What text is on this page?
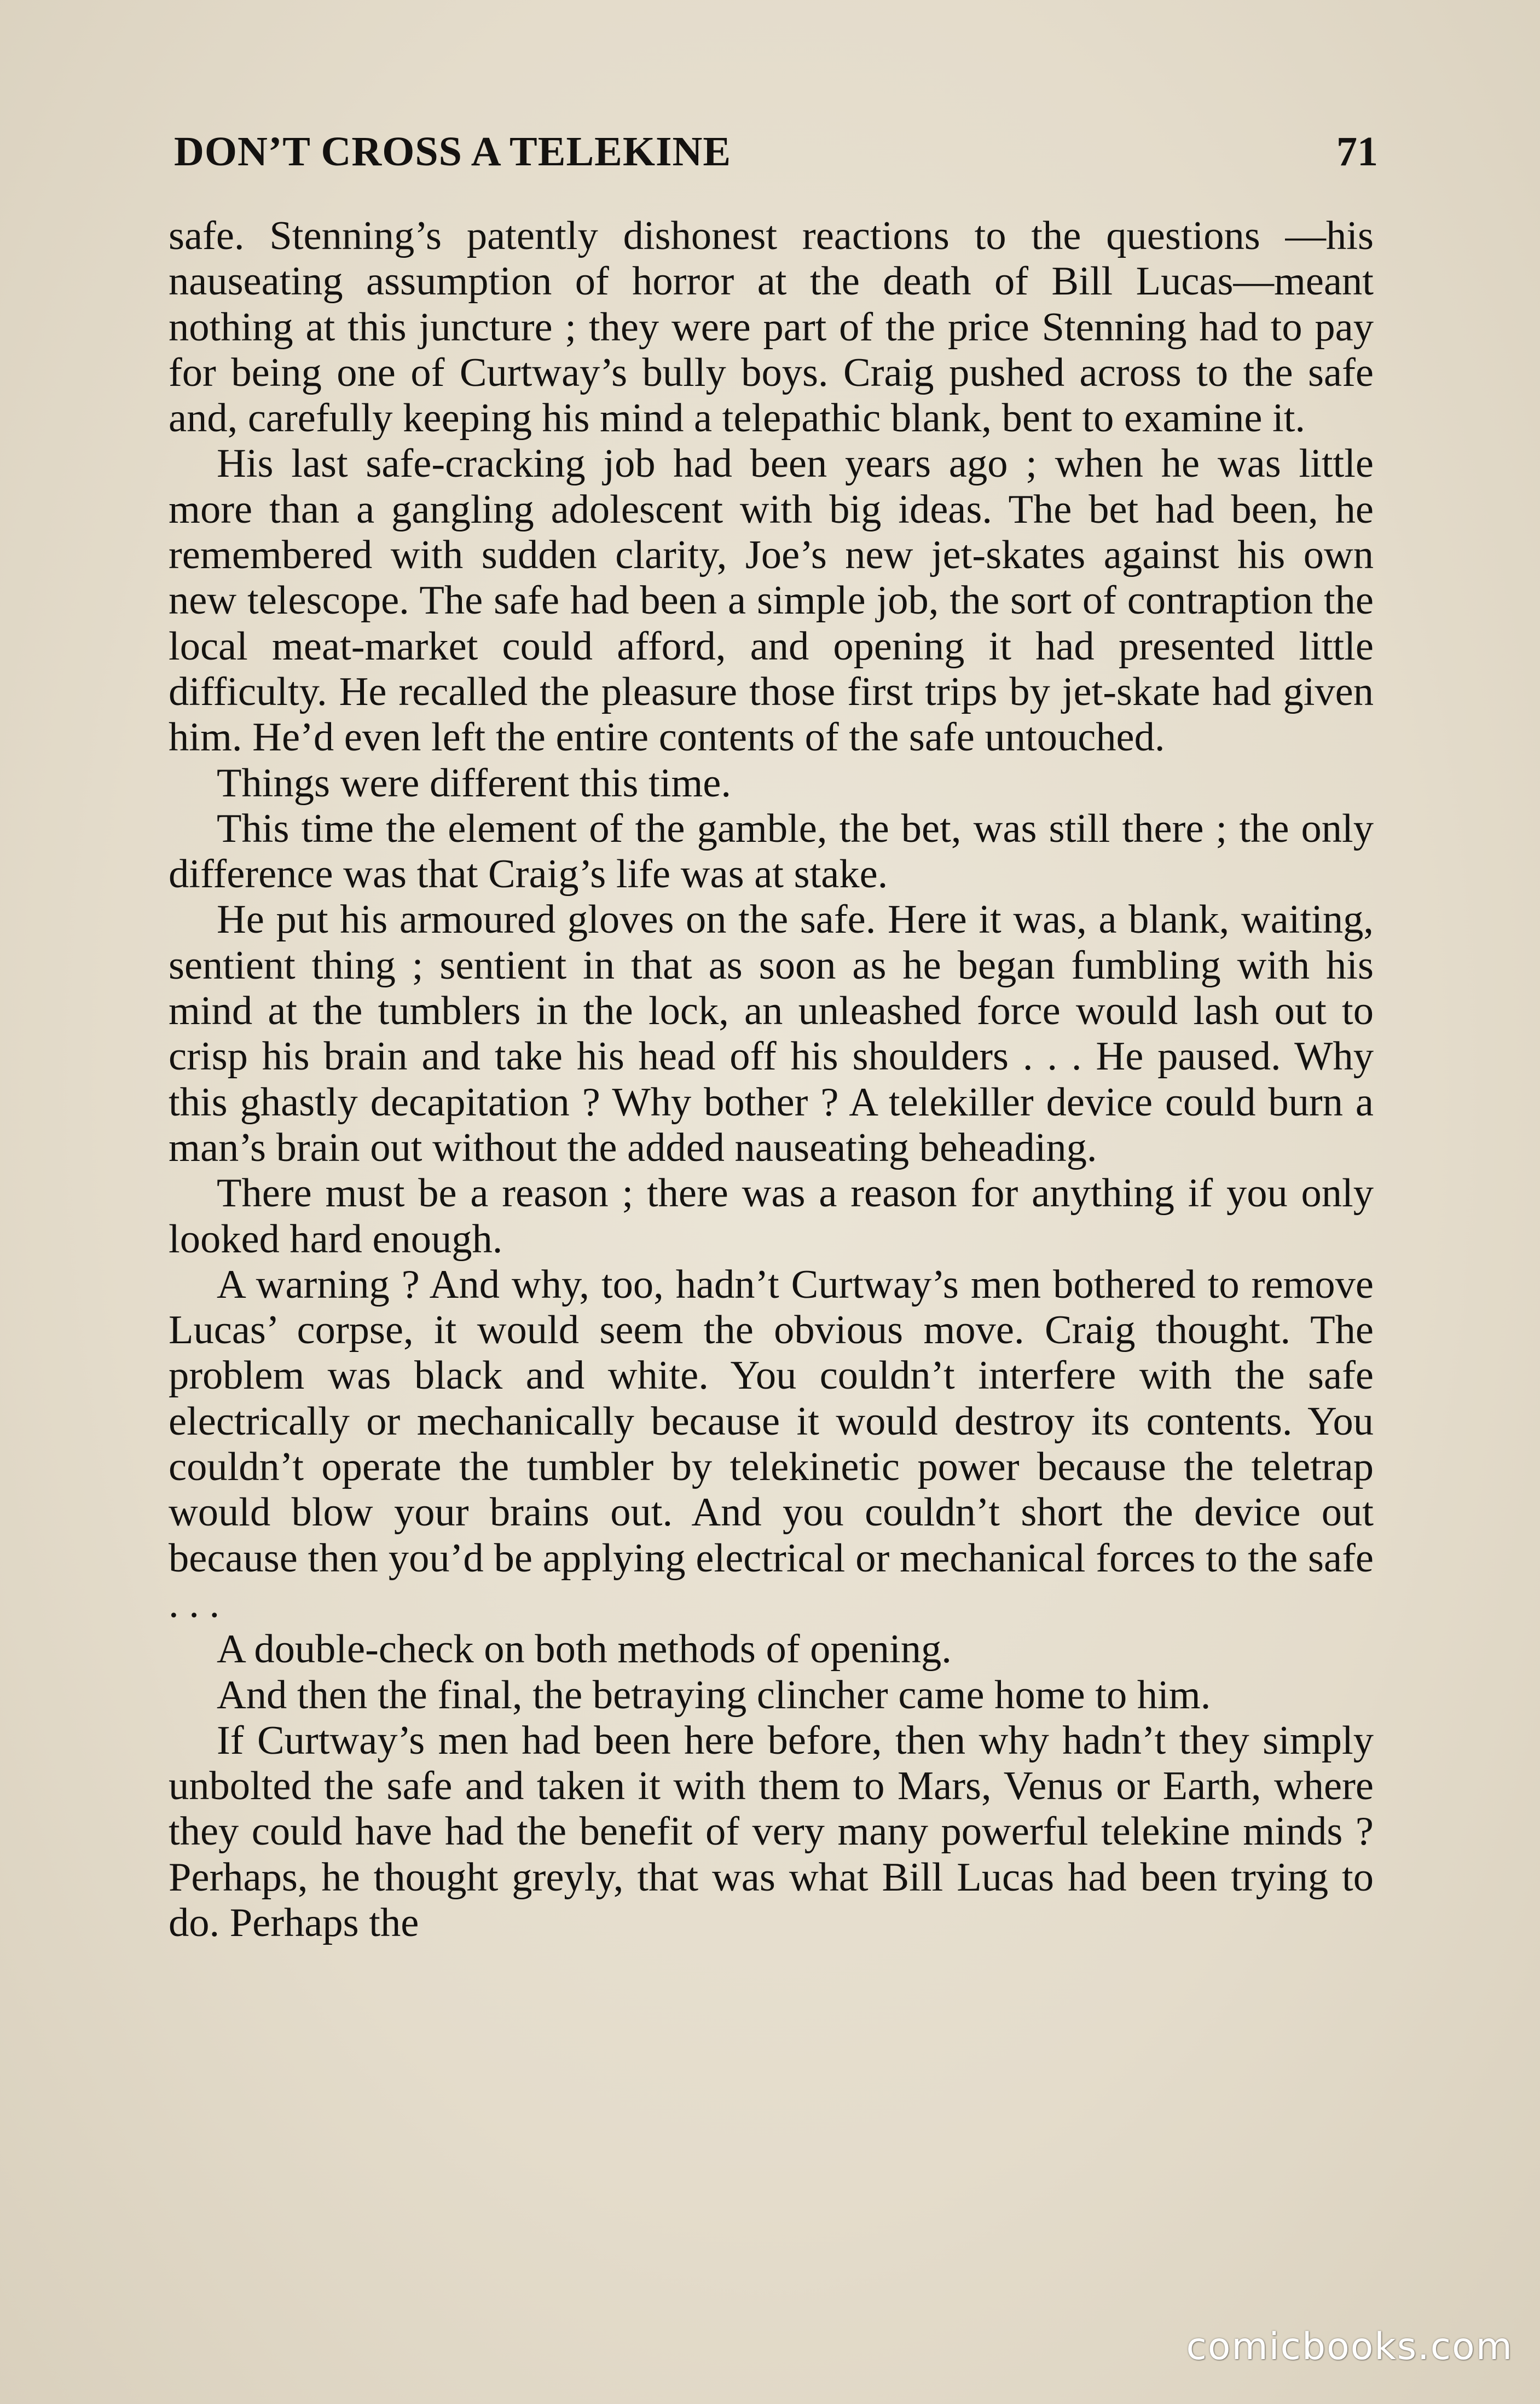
DON’T CROSS A TELEKINE	71

safe. Stenning’s patently dishonest reactions to the questions —his nauseating assumption of horror at the death of Bill Lucas—meant nothing at this juncture ; they were part of the price Stenning had to pay for being one of Curtway’s bully boys. Craig pushed across to the safe and, carefully keeping his mind a telepathic blank, bent to examine it.

His last safe-cracking job had been years ago ; when he was little more than a gangling adolescent with big ideas. The bet had been, he remembered with sudden clarity, Joe’s new jet-skates against his own new telescope. The safe had been a simple job, the sort of contraption the local meat-market could afford, and opening it had presented little difficulty. He recalled the pleasure those first trips by jet-skate had given him. He’d even left the entire contents of the safe untouched.

Things were different this time.

This time the element of the gamble, the bet, was still there ; the only difference was that Craig’s life was at stake.

He put his armoured gloves on the safe. Here it was, a blank, waiting, sentient thing ; sentient in that as soon as he began fumbling with his mind at the tumblers in the lock, an unleashed force would lash out to crisp his brain and take his head off his shoulders . . . He paused. Why this ghastly decapitation ? Why bother ? A telekiller device could burn a man’s brain out without the added nauseating beheading.

There must be a reason ; there was a reason for anything if you only looked hard enough.

A warning ? And why, too, hadn’t Curtway’s men bothered to remove Lucas’ corpse, it would seem the obvious move. Craig thought. The problem was black and white. You couldn’t interfere with the safe electrically or mechanically because it would destroy its contents. You couldn’t operate the tumbler by telekinetic power because the teletrap would blow your brains out. And you couldn’t short the device out because then you’d be applying electrical or mechanical forces to the safe . . .

A double-check on both methods of opening.

And then the final, the betraying clincher came home to him.

If Curtway’s men had been here before, then why hadn’t they simply unbolted the safe and taken it with them to Mars, Venus or Earth, where they could have had the benefit of very many powerful telekine minds ? Perhaps, he thought greyly, that was what Bill Lucas had been trying to do. Perhaps the

comicbooks.com
